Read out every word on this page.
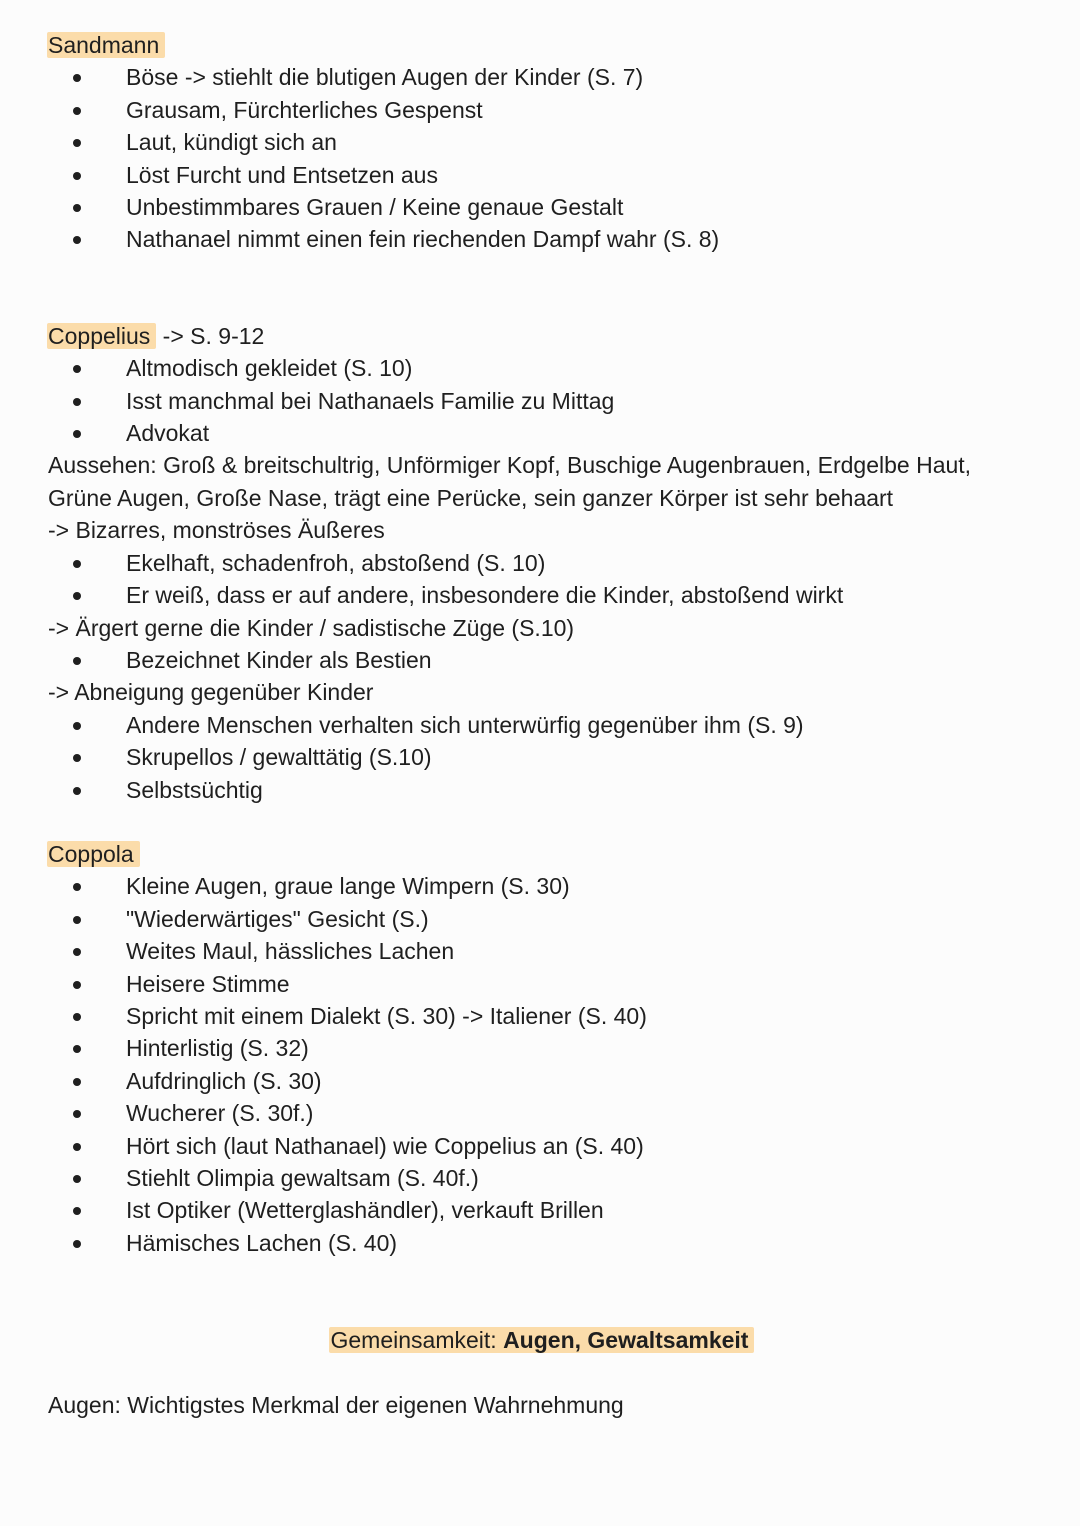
Sandmann

Böse -> stiehlt die blutigen Augen der Kinder (S. 7)
Grausam, Fürchterliches Gespenst
Laut, kündigt sich an
Löst Furcht und Entsetzen aus
Unbestimmbares Grauen / Keine genaue Gestalt
Nathanael nimmt einen fein riechenden Dampf wahr (S. 8)

Coppelius -> S. 9-12

Altmodisch gekleidet (S. 10)
Isst manchmal bei Nathanaels Familie zu Mittag
Advokat

Aussehen: Groß & breitschultrig, Unförmiger Kopf, Buschige Augenbrauen, Erdgelbe Haut,

Grüne Augen, Große Nase, trägt eine Perücke, sein ganzer Körper ist sehr behaart

-> Bizarres, monströses Äußeres

Ekelhaft, schadenfroh, abstoßend (S. 10)
Er weiß, dass er auf andere, insbesondere die Kinder, abstoßend wirkt

-> Ärgert gerne die Kinder / sadistische Züge (S.10)

Bezeichnet Kinder als Bestien

-> Abneigung gegenüber Kinder

Andere Menschen verhalten sich unterwürfig gegenüber ihm (S. 9)
Skrupellos / gewalttätig (S.10)
Selbstsüchtig

Coppola

Kleine Augen, graue lange Wimpern (S. 30)
"Wiederwärtiges" Gesicht (S.)
Weites Maul, hässliches Lachen
Heisere Stimme
Spricht mit einem Dialekt (S. 30) -> Italiener (S. 40)
Hinterlistig (S. 32)
Aufdringlich (S. 30)
Wucherer (S. 30f.)
Hört sich (laut Nathanael) wie Coppelius an (S. 40)
Stiehlt Olimpia gewaltsam (S. 40f.)
Ist Optiker (Wetterglashändler), verkauft Brillen
Hämisches Lachen (S. 40)

Gemeinsamkeit: Augen, Gewaltsamkeit

Augen: Wichtigstes Merkmal der eigenen Wahrnehmung
